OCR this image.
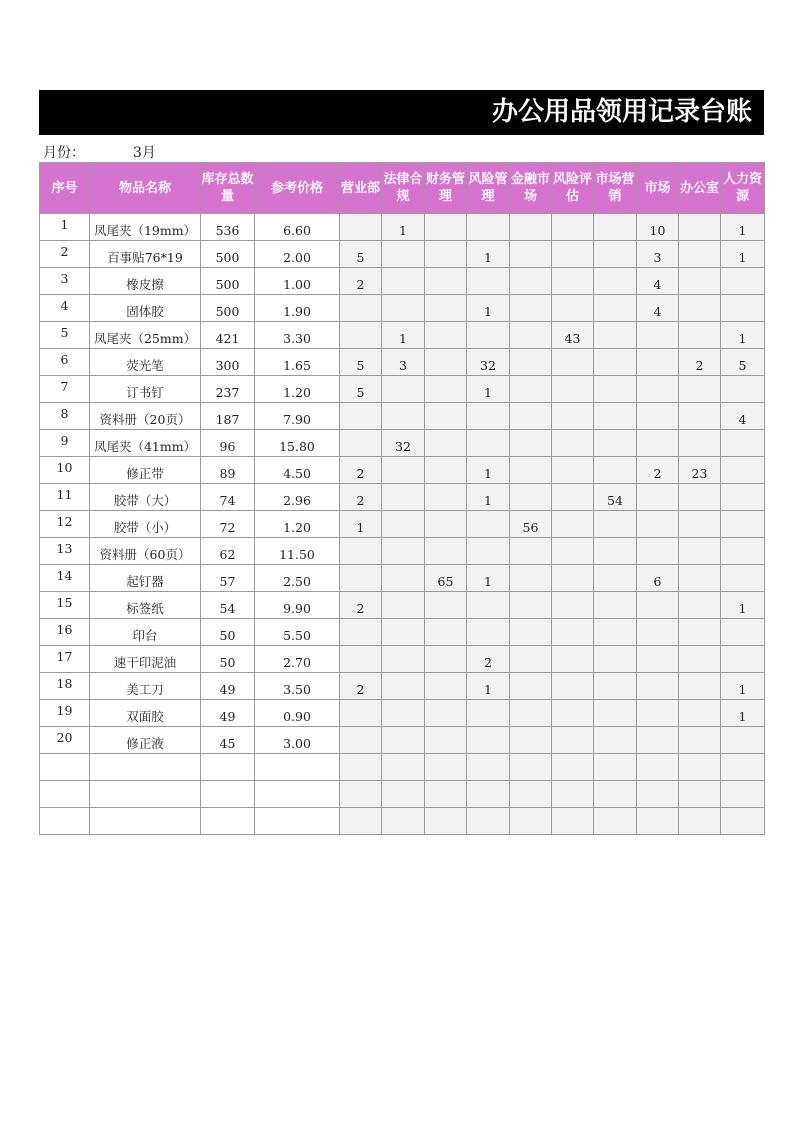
办公用品领用记录台账
月份：	3月
序号	物品名称	库存总数量	参考价格	营业部	法律合规	财务管理	风险管理	金融市场	风险评估	市场营销	市场	办公室	人力资源
1	凤尾夹（19mm）	536	6.60		1						10		1
2	百事贴76*19	500	2.00	5			1				3		1
3	橡皮擦	500	1.00	2							4		
4	固体胶	500	1.90				1				4		
5	凤尾夹（25mm）	421	3.30		1				43				1
6	荧光笔	300	1.65	5	3		32					2	5
7	订书钉	237	1.20	5			1						
8	资料册（20页）	187	7.90										4
9	凤尾夹（41mm）	96	15.80		32								
10	修正带	89	4.50	2			1				2	23	
11	胶带（大）	74	2.96	2			1			54			
12	胶带（小）	72	1.20	1				56					
13	资料册（60页）	62	11.50										
14	起钉器	57	2.50			65	1				6		
15	标签纸	54	9.90	2									1
16	印台	50	5.50										
17	速干印泥油	50	2.70				2						
18	美工刀	49	3.50	2			1						1
19	双面胶	49	0.90										1
20	修正液	45	3.00										
